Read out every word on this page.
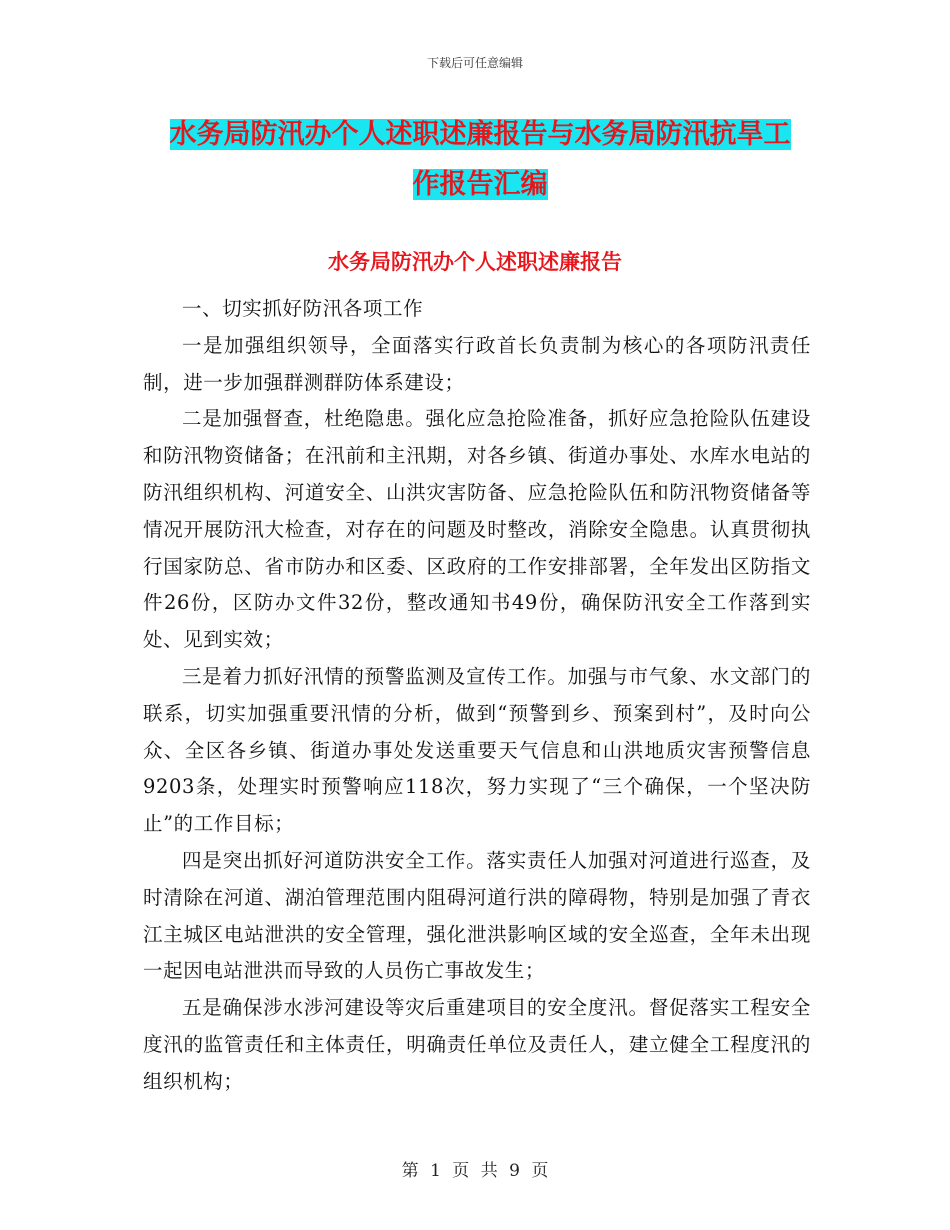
下载后可任意编辑
水务局防汛办个人述职述廉报告与水务局防汛抗旱工
作报告汇编
水务局防汛办个人述职述廉报告

一、切实抓好防汛各项工作

一是加强组织领导，全面落实行政首长负责制为核心的各项防汛责任制，进一步加强群测群防体系建设；

二是加强督查，杜绝隐患。强化应急抢险准备，抓好应急抢险队伍建设和防汛物资储备；在汛前和主汛期，对各乡镇、街道办事处、水库水电站的防汛组织机构、河道安全、山洪灾害防备、应急抢险队伍和防汛物资储备等情况开展防汛大检查，对存在的问题及时整改，消除安全隐患。认真贯彻执行国家防总、省市防办和区委、区政府的工作安排部署，全年发出区防指文件26份，区防办文件32份，整改通知书49份，确保防汛安全工作落到实处、见到实效；

三是着力抓好汛情的预警监测及宣传工作。加强与市气象、水文部门的联系，切实加强重要汛情的分析，做到“预警到乡、预案到村”，及时向公众、全区各乡镇、街道办事处发送重要天气信息和山洪地质灾害预警信息9203条，处理实时预警响应118次，努力实现了“三个确保，一个坚决防止”的工作目标；

四是突出抓好河道防洪安全工作。落实责任人加强对河道进行巡查，及时清除在河道、湖泊管理范围内阻碍河道行洪的障碍物，特别是加强了青衣江主城区电站泄洪的安全管理，强化泄洪影响区域的安全巡查，全年未出现一起因电站泄洪而导致的人员伤亡事故发生；

五是确保涉水涉河建设等灾后重建项目的安全度汛。督促落实工程安全度汛的监管责任和主体责任，明确责任单位及责任人，建立健全工程度汛的组织机构；

第 1 页 共 9 页
